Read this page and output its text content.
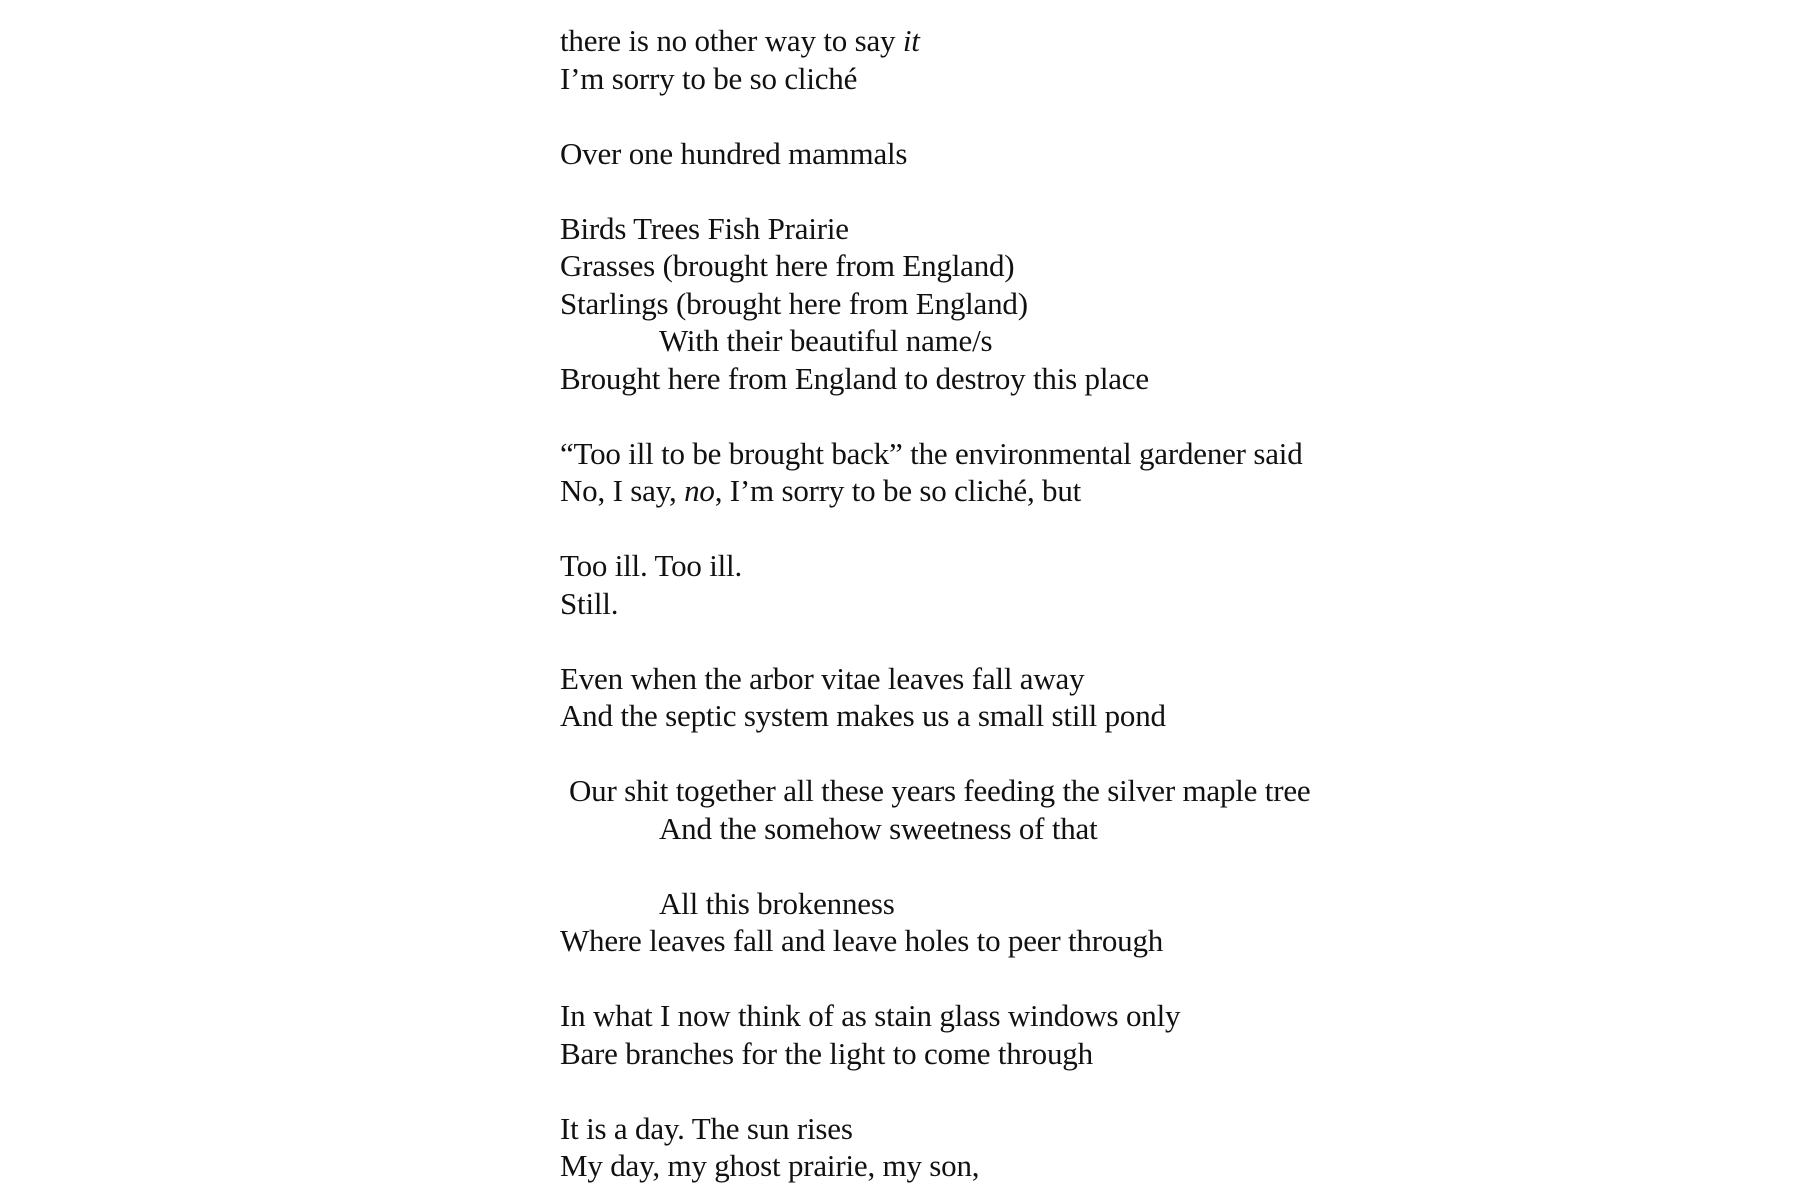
there is no other way to say it
I’m sorry to be so cliché
Over one hundred mammals
Birds Trees Fish Prairie
Grasses (brought here from England)
Starlings (brought here from England)
With their beautiful name/s
Brought here from England to destroy this place
“Too ill to be brought back” the environmental gardener said
No, I say, no, I’m sorry to be so cliché, but
Too ill. Too ill.
Still.
Even when the arbor vitae leaves fall away
And the septic system makes us a small still pond
Our shit together all these years feeding the silver maple tree
And the somehow sweetness of that
All this brokenness
Where leaves fall and leave holes to peer through
In what I now think of as stain glass windows only
Bare branches for the light to come through
It is a day. The sun rises
My day, my ghost prairie, my son,
